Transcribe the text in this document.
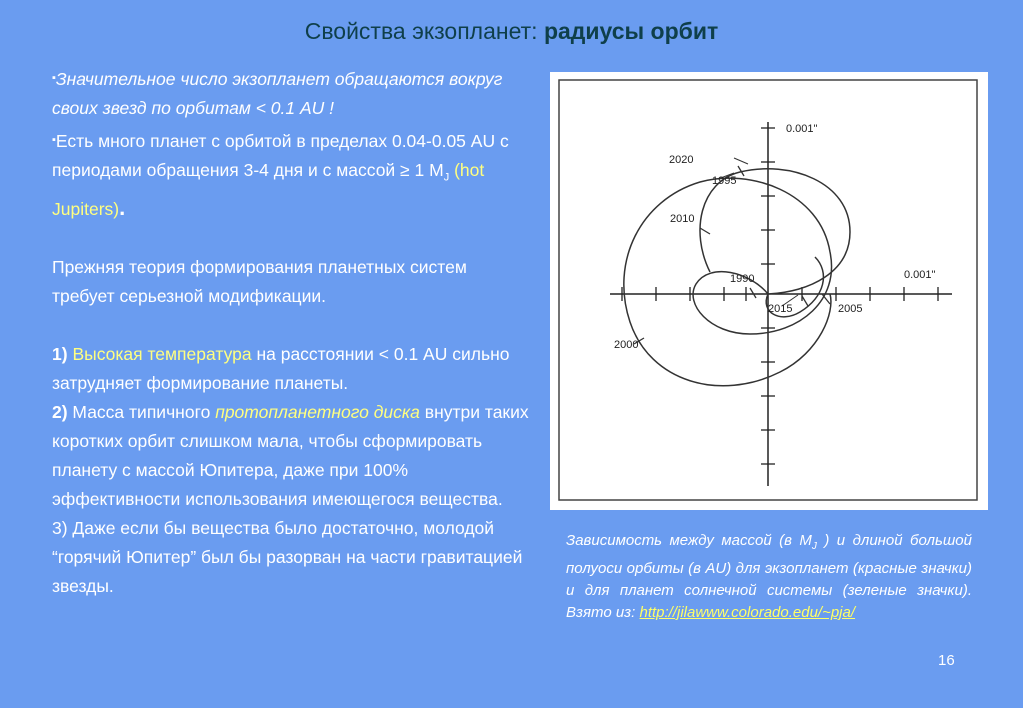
Свойства экзопланет: радиусы орбит

▪Значительное число экзопланет обращаются вокруг своих звезд по орбитам < 0.1 AU !

▪Есть много планет с орбитой в пределах 0.04-0.05 AU с периодами обращения 3-4 дня и с массой ≥ 1 $M_J$ (hot Jupiters).

Прежняя теория формирования планетных систем требует серьезной модификации.

1) Высокая температура на расстоянии < 0.1 AU сильно затрудняет формирование планеты.

2) Масса типичного протопланетного диска внутри таких коротких орбит слишком мала, чтобы сформировать планету с массой Юпитера, даже при 100% эффективности использования имеющегося вещества.

3) Даже если бы вещества было достаточно, молодой “горячий Юпитер” был бы разорван на части гравитацией звезды.

0.001"
0.001"
2020
1995
2010
1990
2015	2005
2000
Зависимость между массой (в $M_J$ ) и длиной большой полуоси орбиты (в AU) для экзопланет (красные значки) и для планет солнечной системы (зеленые значки). Взято из: http://jilawww.colorado.edu/~pja/
16
